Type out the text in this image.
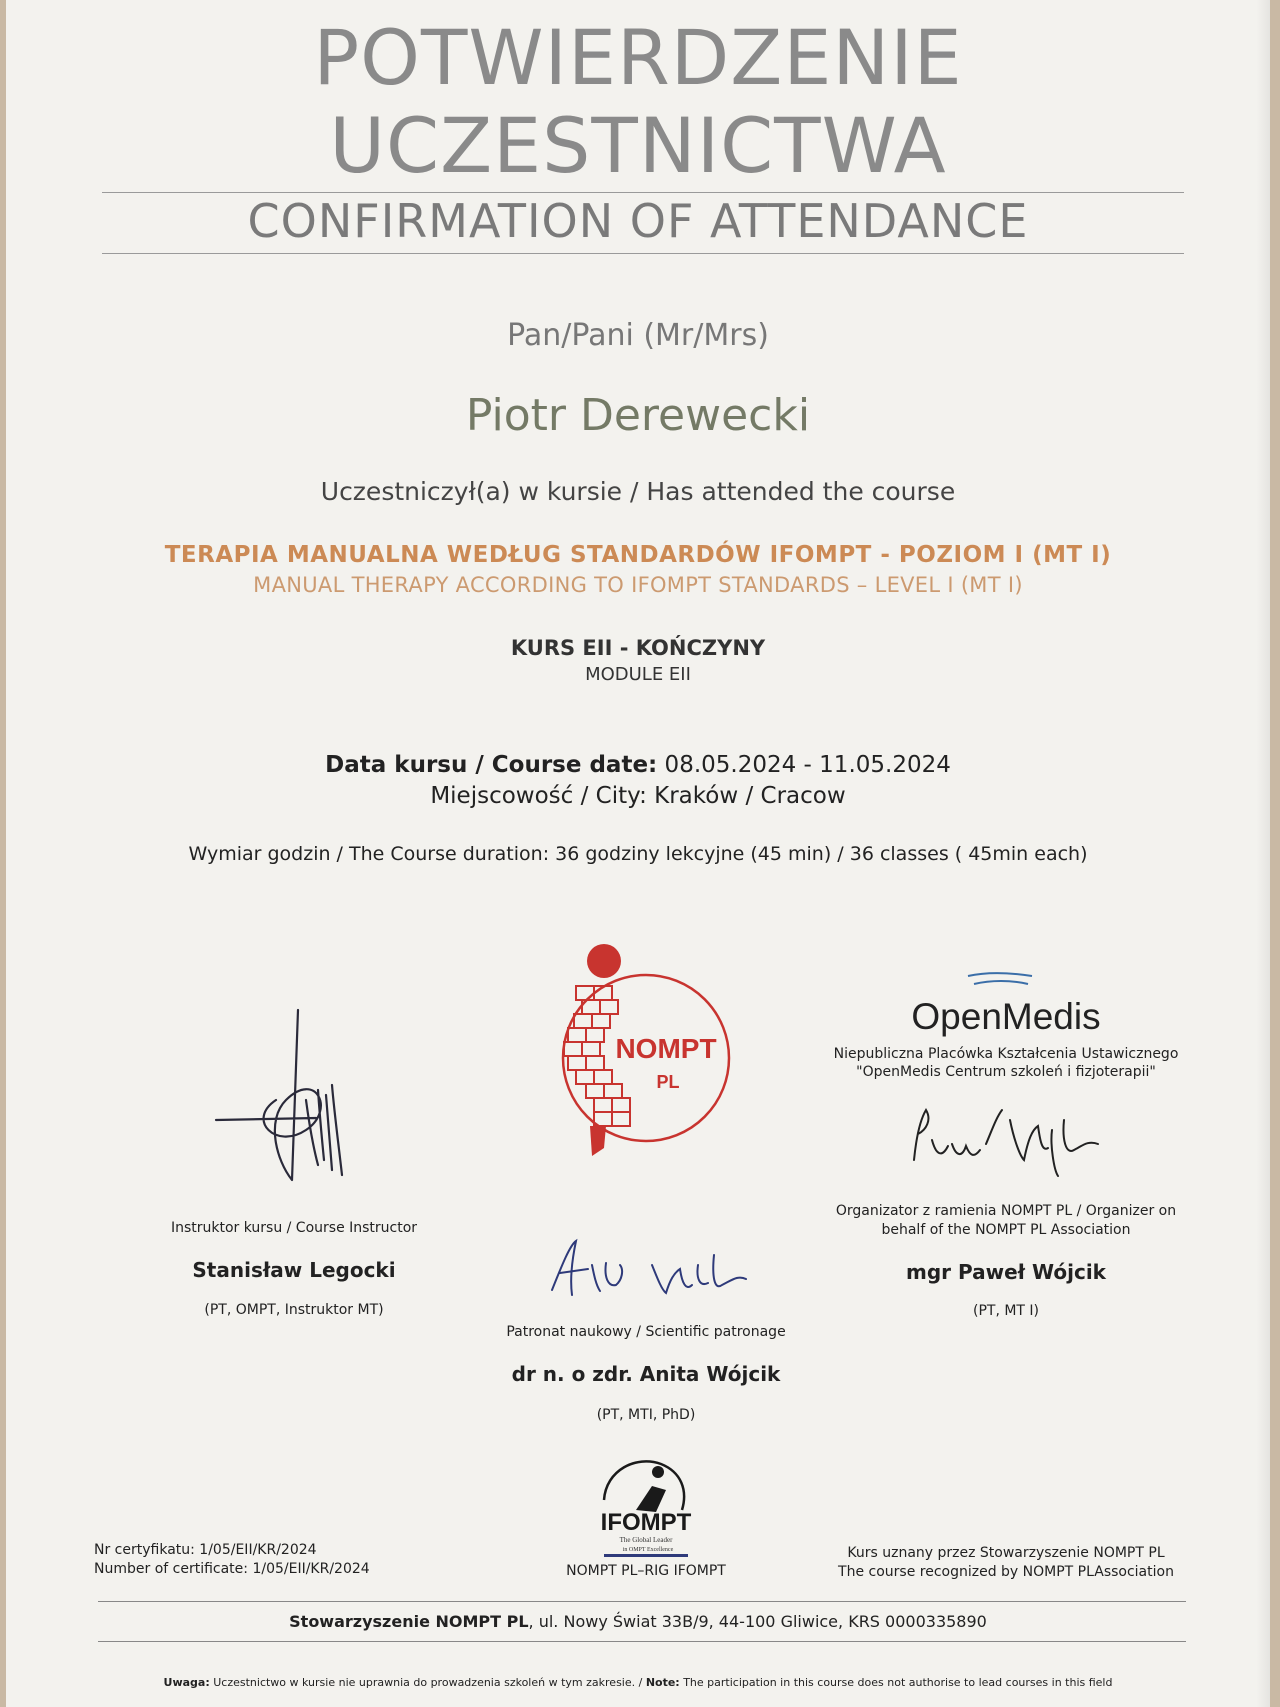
POTWIERDZENIE
UCZESTNICTWA
CONFIRMATION OF ATTENDANCE
Pan/Pani (Mr/Mrs)
Piotr Derewecki
Uczestniczył(a) w kursie / Has attended the course
TERAPIA MANUALNA WEDŁUG STANDARDÓW IFOMPT - POZIOM I (MT I)
MANUAL THERAPY ACCORDING TO IFOMPT STANDARDS – LEVEL I (MT I)
KURS EII - KOŃCZYNY
MODULE EII
Data kursu / Course date: 08.05.2024 - 11.05.2024
Miejscowość / City: Kraków / Cracow
Wymiar godzin / The Course duration: 36 godziny lekcyjne (45 min) / 36 classes ( 45min each)
Instruktor kursu / Course Instructor
Stanisław Legocki
(PT, OMPT, Instruktor MT)
NOMPT
PL
Patronat naukowy / Scientific patronage
dr n. o zdr. Anita Wójcik
(PT, MTI, PhD)
OpenMedis
Niepubliczna Placówka Kształcenia Ustawicznego
"OpenMedis Centrum szkoleń i fizjoterapii"
Organizator z ramienia NOMPT PL / Organizer on
behalf of the NOMPT PL Association
mgr Paweł Wójcik
(PT, MT I)
IFOMPT
The Global Leader
in OMPT Excellence
NOMPT PL–RIG IFOMPT
Nr certyfikatu: 1/05/EII/KR/2024
Number of certificate: 1/05/EII/KR/2024
Kurs uznany przez Stowarzyszenie NOMPT PL
The course recognized by NOMPT PLAssociation
Stowarzyszenie NOMPT PL, ul. Nowy Świat 33B/9, 44-100 Gliwice, KRS 0000335890
Uwaga: Uczestnictwo w kursie nie uprawnia do prowadzenia szkoleń w tym zakresie. / Note: The participation in this course does not authorise to lead courses in this field
